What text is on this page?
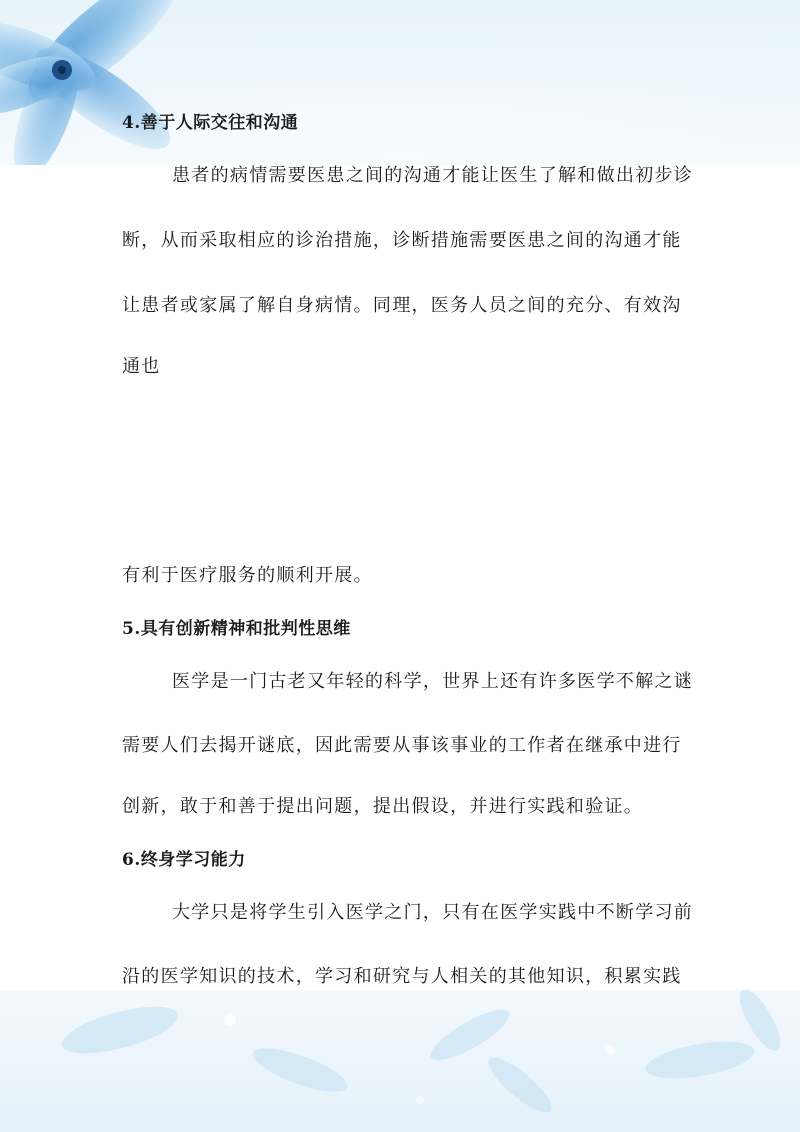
4.善于人际交往和沟通
患者的病情需要医患之间的沟通才能让医生了解和做出初步诊
断，从而采取相应的诊治措施，诊断措施需要医患之间的沟通才能
让患者或家属了解自身病情。同理，医务人员之间的充分、有效沟
通也
有利于医疗服务的顺利开展。
5.具有创新精神和批判性思维
医学是一门古老又年轻的科学，世界上还有许多医学不解之谜
需要人们去揭开谜底，因此需要从事该事业的工作者在继承中进行
创新，敢于和善于提出问题，提出假设，并进行实践和验证。
6.终身学习能力
大学只是将学生引入医学之门，只有在医学实践中不断学习前
沿的医学知识的技术，学习和研究与人相关的其他知识，积累实践
